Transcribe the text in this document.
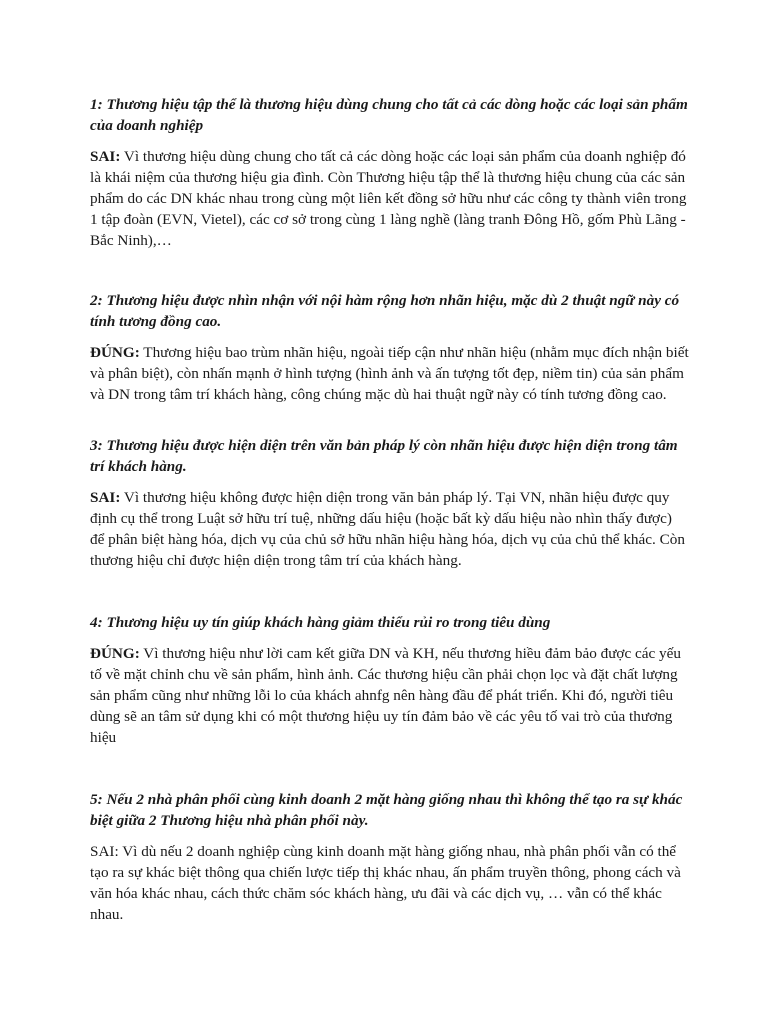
1: Thương hiệu tập thể là thương hiệu dùng chung cho tất cả các dòng hoặc các loại sản phẩm của doanh nghiệp

SAI: Vì thương hiệu dùng chung cho tất cả các dòng hoặc các loại sản phẩm của doanh nghiệp đó là khái niệm của thương hiệu gia đình. Còn Thương hiệu tập thể là thương hiệu chung của các sản phẩm do các DN khác nhau trong cùng một liên kết đồng sở hữu như các công ty thành viên trong 1 tập đoàn (EVN, Vietel), các cơ sở trong cùng 1 làng nghề (làng tranh Đông Hồ, gốm Phù Lãng - Bắc Ninh),…

2: Thương hiệu được nhìn nhận với nội hàm rộng hơn nhãn hiệu, mặc dù 2 thuật ngữ này có tính tương đồng cao.

ĐÚNG: Thương hiệu bao trùm nhãn hiệu, ngoài tiếp cận như nhãn hiệu (nhằm mục đích nhận biết và phân biệt), còn nhấn mạnh ở hình tượng (hình ảnh và ấn tượng tốt đẹp, niềm tin) của sản phẩm và DN trong tâm trí khách hàng, công chúng mặc dù hai thuật ngữ này có tính tương đồng cao.

3: Thương hiệu được hiện diện trên văn bản pháp lý còn nhãn hiệu được hiện diện trong tâm trí khách hàng.

SAI: Vì thương hiệu không được hiện diện trong văn bản pháp lý. Tại VN, nhãn hiệu được quy định cụ thể trong Luật sở hữu trí tuệ, những dấu hiệu (hoặc bất kỳ dấu hiệu nào nhìn thấy được) để phân biệt hàng hóa, dịch vụ của chủ sở hữu nhãn hiệu hàng hóa, dịch vụ của chủ thể khác. Còn thương hiệu chỉ được hiện diện trong tâm trí của khách hàng.

4: Thương hiệu uy tín giúp khách hàng giảm thiểu rủi ro trong tiêu dùng

ĐÚNG: Vì thương hiệu như lời cam kết giữa DN và KH, nếu thương hiều đảm bảo được các yếu tố về mặt chỉnh chu về sản phẩm, hình ảnh. Các thương hiệu cần phải chọn lọc và đặt chất lượng sản phẩm cũng như những lỗi lo của khách ahnfg nên hàng đầu để phát triển. Khi đó, người tiêu dùng sẽ an tâm sử dụng khi có một thương hiệu uy tín đảm bảo về các yêu tố vai trò của thương hiệu

5: Nếu 2 nhà phân phối cùng kinh doanh 2 mặt hàng giống nhau thì không thể tạo ra sự khác biệt giữa 2 Thương hiệu nhà phân phối này.

SAI: Vì dù nếu 2 doanh nghiệp cùng kinh doanh mặt hàng giống nhau, nhà phân phối vẫn có thể tạo ra sự khác biệt thông qua chiến lược tiếp thị khác nhau, ấn phẩm truyền thông, phong cách và văn hóa khác nhau, cách thức chăm sóc khách hàng, ưu đãi và các dịch vụ, … vẫn có thể khác nhau.
